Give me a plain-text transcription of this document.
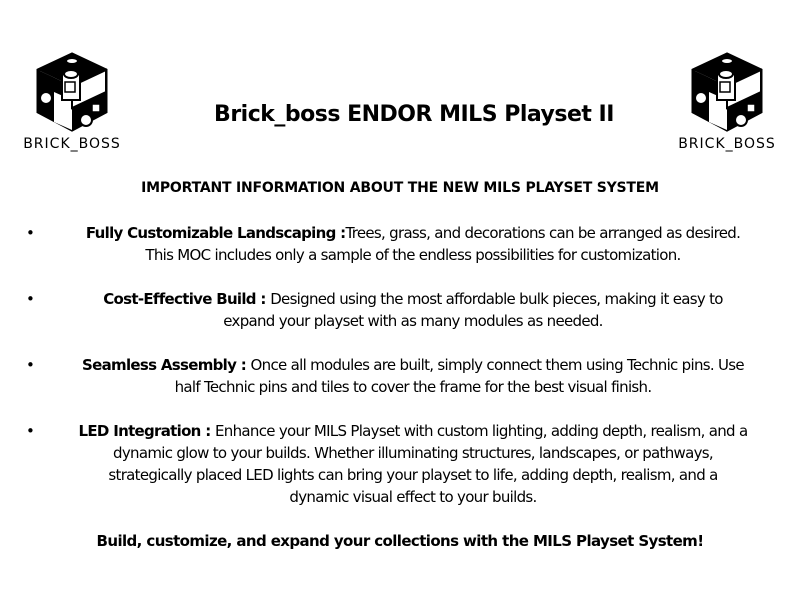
BRICK_BOSS	BRICK_BOSS
Brick_boss ENDOR MILS Playset II
IMPORTANT INFORMATION ABOUT THE NEW MILS PLAYSET SYSTEM
•	Fully Customizable Landscaping :Trees, grass, and decorations can be arranged as desired.
This MOC includes only a sample of the endless possibilities for customization.
•	Cost-Effective Build : Designed using the most affordable bulk pieces, making it easy to
expand your playset with as many modules as needed.
•	Seamless Assembly : Once all modules are built, simply connect them using Technic pins. Use
half Technic pins and tiles to cover the frame for the best visual finish.
•	LED Integration : Enhance your MILS Playset with custom lighting, adding depth, realism, and a
dynamic glow to your builds. Whether illuminating structures, landscapes, or pathways,
strategically placed LED lights can bring your playset to life, adding depth, realism, and a
dynamic visual effect to your builds.
Build, customize, and expand your collections with the MILS Playset System!
